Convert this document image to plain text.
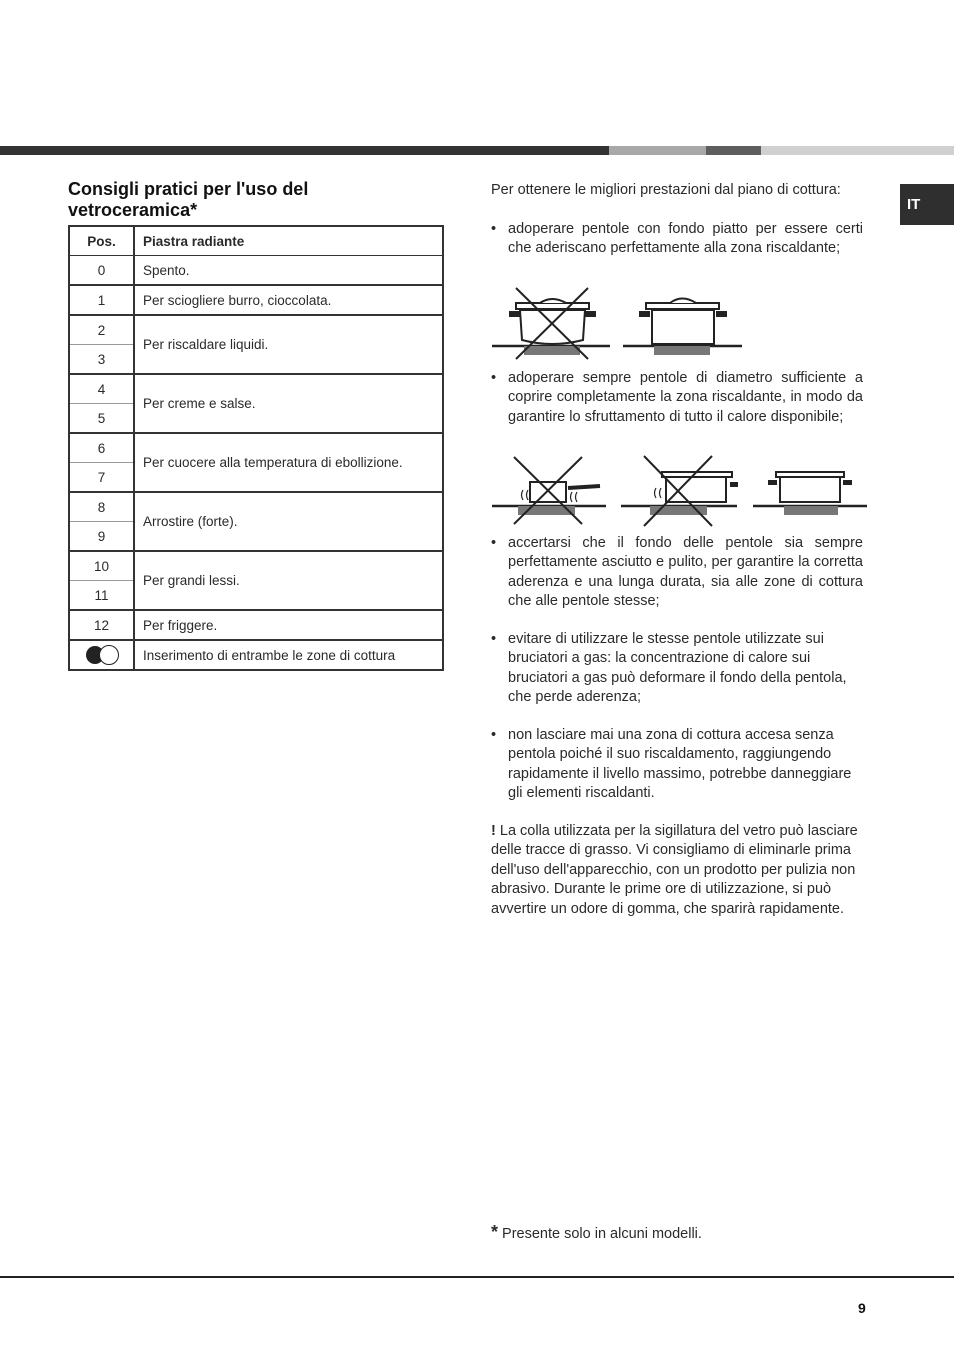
IT
Consigli pratici per l'uso del vetroceramica*
Pos.	Piastra radiante
0	Spento.
1	Per sciogliere burro, cioccolata.
2	Per riscaldare liquidi.
3	
4	Per creme e salse.
5	
6	Per cuocere alla temperatura di ebollizione.
7	
8	Arrostire (forte).
9	
10	Per grandi lessi.
11	
12	Per friggere.

	Inserimento di entrambe le zone di cottura
Per ottenere le migliori prestazioni dal piano di cottura:
• adoperare pentole con fondo piatto per essere certi che aderiscano perfettamente alla zona riscaldante;
• adoperare sempre pentole di diametro sufficiente a coprire completamente la zona riscaldante, in modo da garantire lo sfruttamento di tutto il calore disponibile;
• accertarsi che il fondo delle pentole sia sempre perfettamente asciutto e pulito, per garantire la corretta aderenza e una lunga durata, sia alle zone di cottura che alle pentole stesse;
• evitare di utilizzare le stesse pentole utilizzate sui bruciatori a gas: la concentrazione di calore sui bruciatori a gas può deformare il fondo della pentola, che perde aderenza;
• non lasciare mai una zona di cottura accesa senza pentola poiché il suo riscaldamento, raggiungendo rapidamente il livello massimo, potrebbe danneggiare gli elementi riscaldanti.
! La colla utilizzata per la sigillatura del vetro può lasciare delle tracce di grasso. Vi consigliamo di eliminarle prima dell'uso dell'apparecchio, con un prodotto per pulizia non abrasivo. Durante le prime ore di utilizzazione, si può avvertire un odore di gomma, che sparirà rapidamente.
* Presente solo in alcuni modelli.
9
